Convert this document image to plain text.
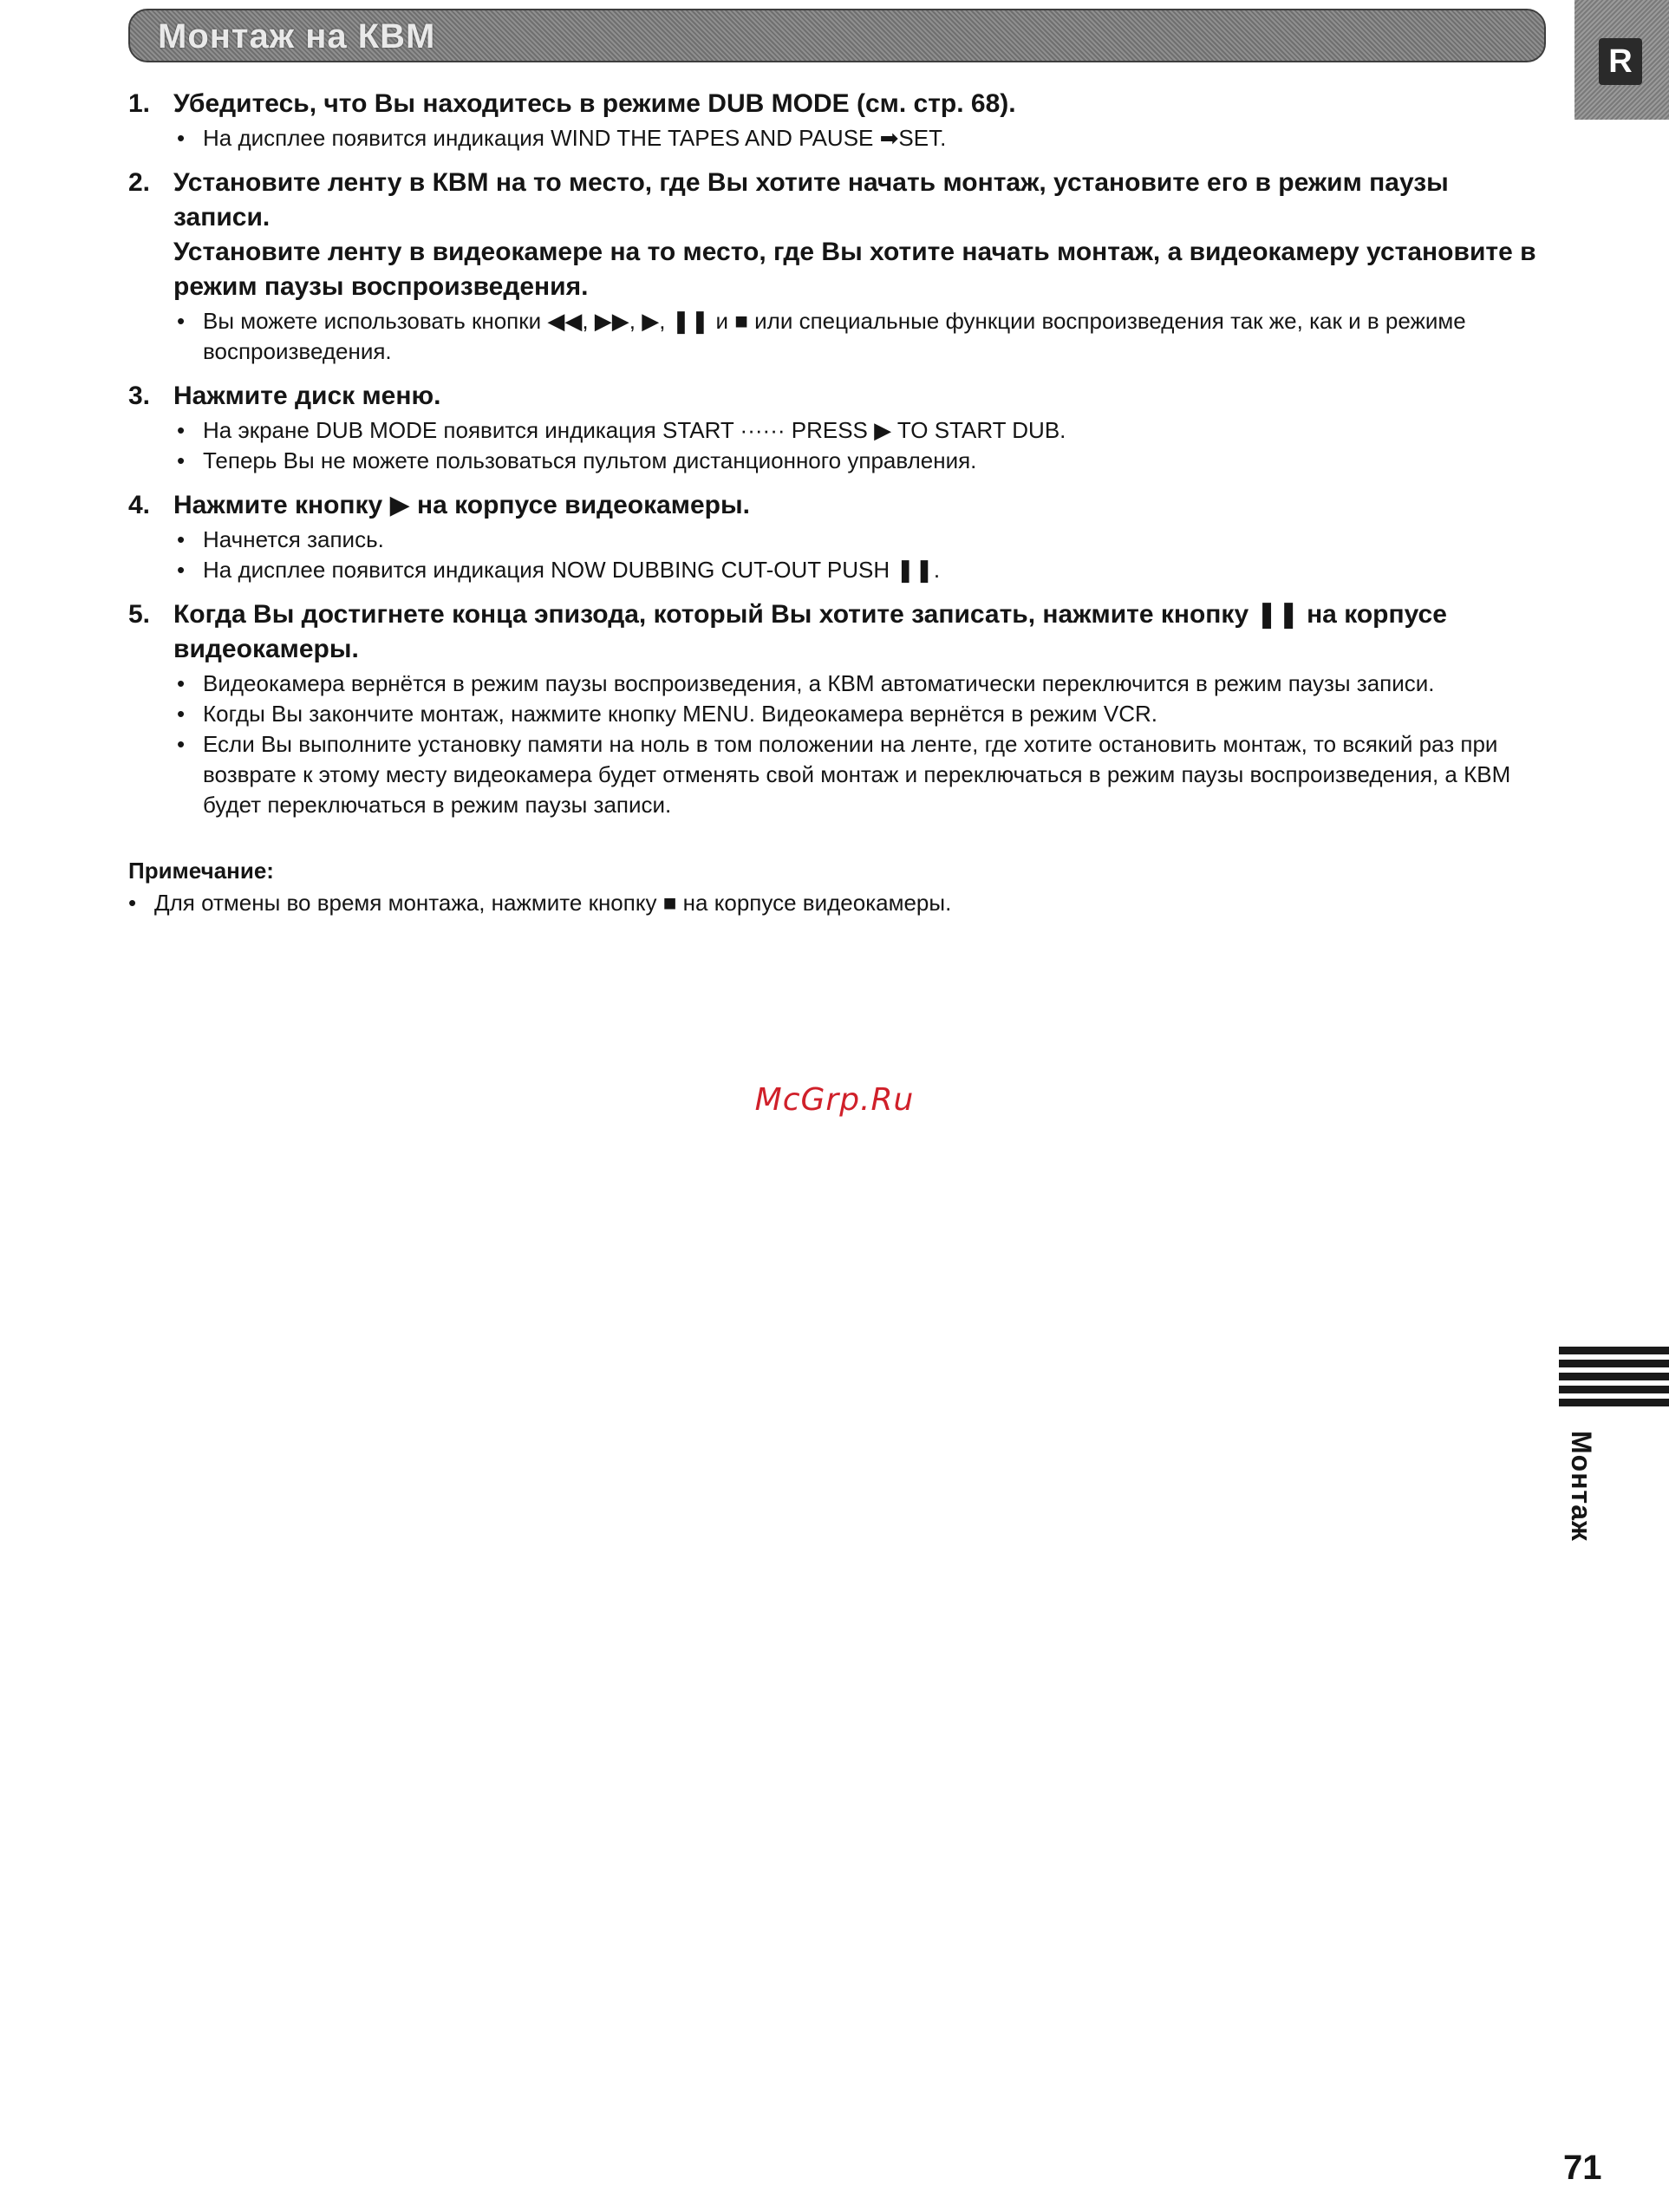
Монтаж на КВМ
R
1. Убедитесь, что Вы находитесь в режиме DUB MODE (см. стр. 68).
• На дисплее появится индикация WIND THE TAPES AND PAUSE ➡SET.
2. Установите ленту в КВМ на то место, где Вы хотите начать монтаж, установите его в режим паузы записи.
Установите ленту в видеокамере на то место, где Вы хотите начать монтаж, а видеокамеру установите в режим паузы воспроизведения.
• Вы можете использовать кнопки ◀◀, ▶▶, ▶, ❚❚ и ■ или специальные функции воспроизведения так же, как и в режиме воспроизведения.
3. Нажмите диск меню.
• На экране DUB MODE появится индикация START ······ PRESS ▶ TO START DUB.
• Теперь Вы не можете пользоваться пультом дистанционного управления.
4. Нажмите кнопку ▶ на корпусе видеокамеры.
• Начнется запись.
• На дисплее появится индикация NOW DUBBING CUT-OUT PUSH ❚❚.
5. Когда Вы достигнете конца эпизода, который Вы хотите записать, нажмите кнопку ❚❚ на корпусе видеокамеры.
• Видеокамера вернётся в режим паузы воспроизведения, а КВМ автоматически переключится в режим паузы записи.
• Когды Вы закончите монтаж, нажмите кнопку MENU. Видеокамера вернётся в режим VCR.
• Если Вы выполните установку памяти на ноль в том положении на ленте, где хотите остановить монтаж, то всякий раз при возврате к этому месту видеокамера будет отменять свой монтаж и переключаться в режим паузы воспроизведения, а КВМ будет переключаться в режим паузы записи.
Примечание:
• Для отмены во время монтажа, нажмите кнопку ■ на корпусе видеокамеры.
McGrp.Ru
Монтаж
71
